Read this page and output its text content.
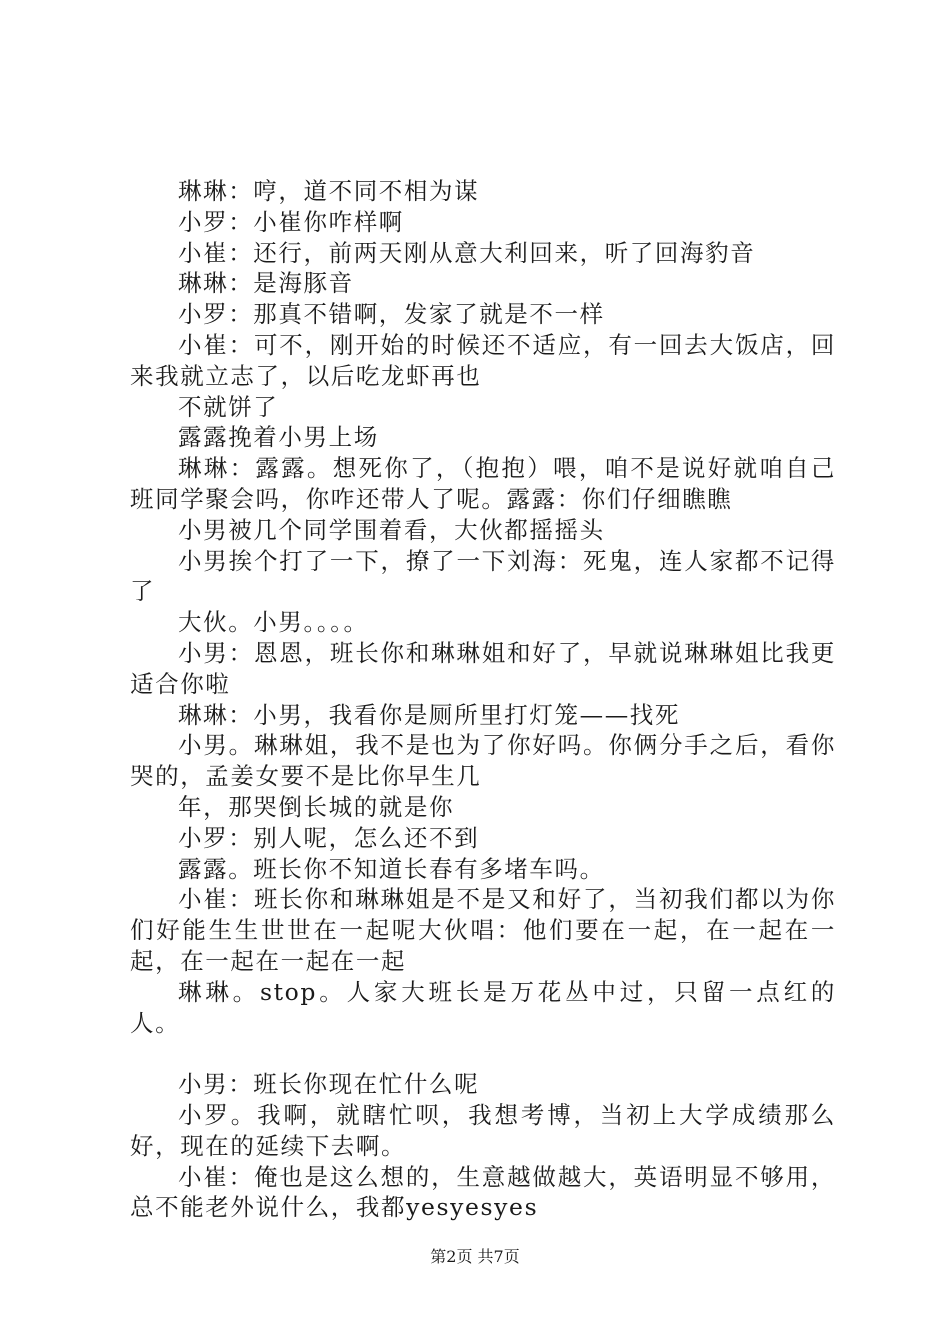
琳琳：哼，道不同不相为谋

小罗：小崔你咋样啊

小崔：还行，前两天刚从意大利回来，听了回海豹音

琳琳：是海豚音

小罗：那真不错啊，发家了就是不一样

小崔：可不，刚开始的时候还不适应，有一回去大饭店，回来我就立志了，以后吃龙虾再也

不就饼了

露露挽着小男上场

琳琳：露露。想死你了，（抱抱）喂，咱不是说好就咱自己班同学聚会吗，你咋还带人了呢。露露：你们仔细瞧瞧

小男被几个同学围着看，大伙都摇摇头

小男挨个打了一下，撩了一下刘海：死鬼，连人家都不记得了

大伙。小男。。。。

小男：恩恩，班长你和琳琳姐和好了，早就说琳琳姐比我更适合你啦

琳琳：小男，我看你是厕所里打灯笼——找死

小男。琳琳姐，我不是也为了你好吗。你俩分手之后，看你哭的，孟姜女要不是比你早生几

年，那哭倒长城的就是你

小罗：别人呢，怎么还不到

露露。班长你不知道长春有多堵车吗。

小崔：班长你和琳琳姐是不是又和好了，当初我们都以为你们好能生生世世在一起呢大伙唱：他们要在一起，在一起在一起，在一起在一起在一起

琳琳。stop。人家大班长是万花丛中过，只留一点红的人。

小男：班长你现在忙什么呢

小罗。我啊，就瞎忙呗，我想考博，当初上大学成绩那么好，现在的延续下去啊。

小崔：俺也是这么想的，生意越做越大，英语明显不够用，总不能老外说什么，我都yesyesyes

第2页 共7页
